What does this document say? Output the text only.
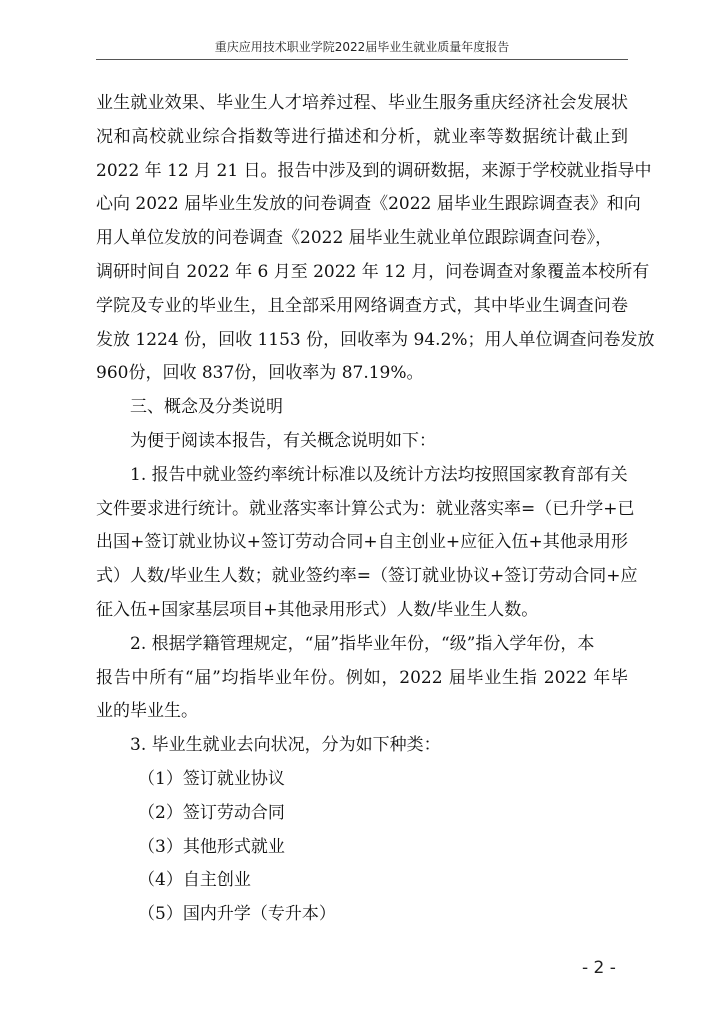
重庆应用技术职业学院2022届毕业生就业质量年度报告
业生就业效果、毕业生人才培养过程、毕业生服务重庆经济社会发展状
况和高校就业综合指数等进行描述和分析，就业率等数据统计截止到
2022 年 12 月 21 日。报告中涉及到的调研数据，来源于学校就业指导中
心向 2022 届毕业生发放的问卷调查《2022 届毕业生跟踪调查表》和向
用人单位发放的问卷调查《2022 届毕业生就业单位跟踪调查问卷》，
调研时间自 2022 年 6 月至 2022 年 12 月，问卷调查对象覆盖本校所有
学院及专业的毕业生，且全部采用网络调查方式，其中毕业生调查问卷
发放 1224 份，回收 1153 份，回收率为 94.2%；用人单位调查问卷发放
960份，回收 837份，回收率为 87.19%。
三、概念及分类说明
为便于阅读本报告，有关概念说明如下：
1. 报告中就业签约率统计标准以及统计方法均按照国家教育部有关
文件要求进行统计。就业落实率计算公式为：就业落实率=（已升学+已
出国+签订就业协议+签订劳动合同+自主创业+应征入伍+其他录用形
式）人数/毕业生人数；就业签约率=（签订就业协议+签订劳动合同+应
征入伍+国家基层项目+其他录用形式）人数/毕业生人数。
2. 根据学籍管理规定，“届”指毕业年份，“级”指入学年份，本
报告中所有“届”均指毕业年份。例如，2022 届毕业生指 2022 年毕
业的毕业生。
3. 毕业生就业去向状况，分为如下种类：
（1）签订就业协议
（2）签订劳动合同
（3）其他形式就业
（4）自主创业
（5）国内升学（专升本）
- 2 -
